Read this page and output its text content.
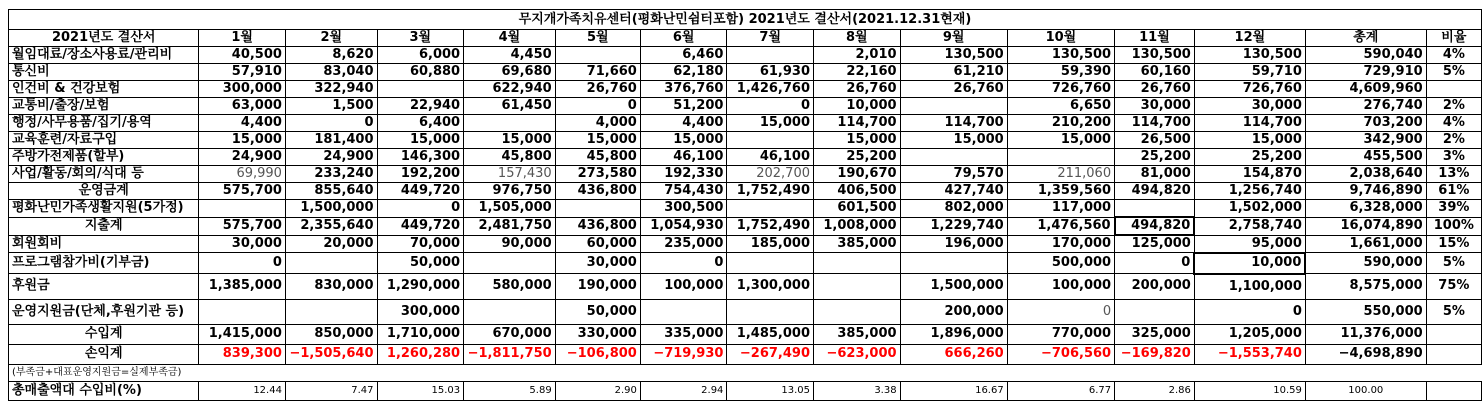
무지개가족치유센터(평화난민쉼터포함) 2021년도 결산서(2021.12.31현재)														
2021년도 결산서	1월	2월	3월	4월	5월	6월	7월	8월	9월	10월	11월	12월	총계	비율
월임대료/장소사용료/관리비	40,500	8,620	6,000	4,450		6,460		2,010	130,500	130,500	130,500	130,500	590,040	4%
통신비	57,910	83,040	60,880	69,680	71,660	62,180	61,930	22,160	61,210	59,390	60,160	59,710	729,910	5%
인건비 & 건강보험	300,000	322,940		622,940	26,760	376,760	1,426,760	26,760	26,760	726,760	26,760	726,760	4,609,960	
교통비/출장/보험	63,000	1,500	22,940	61,450	0	51,200	0	10,000		6,650	30,000	30,000	276,740	2%
행정/사무용품/집기/용역	4,400	0	6,400		4,000	4,400	15,000	114,700	114,700	210,200	114,700	114,700	703,200	4%
교육훈련/자료구입	15,000	181,400	15,000	15,000	15,000	15,000		15,000	15,000	15,000	26,500	15,000	342,900	2%
주방가전제품(할부)	24,900	24,900	146,300	45,800	45,800	46,100	46,100	25,200			25,200	25,200	455,500	3%
사업/활동/회의/식대 등	69,990	233,240	192,200	157,430	273,580	192,330	202,700	190,670	79,570	211,060	81,000	154,870	2,038,640	13%
운영금계	575,700	855,640	449,720	976,750	436,800	754,430	1,752,490	406,500	427,740	1,359,560	494,820	1,256,740	9,746,890	61%
평화난민가족생활지원(5가정)		1,500,000	0	1,505,000		300,500		601,500	802,000	117,000		1,502,000	6,328,000	39%
지출계	575,700	2,355,640	449,720	2,481,750	436,800	1,054,930	1,752,490	1,008,000	1,229,740	1,476,560	494,820	2,758,740	16,074,890	100%
회원회비	30,000	20,000	70,000	90,000	60,000	235,000	185,000	385,000	196,000	170,000	125,000	95,000	1,661,000	15%
프로그램참가비(기부금)	0		50,000		30,000	0				500,000	0	10,000	590,000	5%
후원금	1,385,000	830,000	1,290,000	580,000	190,000	100,000	1,300,000		1,500,000	100,000	200,000	1,100,000	8,575,000	75%
운영지원금(단체,후원기관 등)			300,000		50,000				200,000	0		0	550,000	5%
수입계	1,415,000	850,000	1,710,000	670,000	330,000	335,000	1,485,000	385,000	1,896,000	770,000	325,000	1,205,000	11,376,000	
손익계	839,300	−1,505,640	1,260,280	−1,811,750	−106,800	−719,930	−267,490	−623,000	666,260	−706,560	−169,820	−1,553,740	−4,698,890	
(부족금+대표운영지원금=실제부족금)														
총매출액대 수입비(%)	12.44	7.47	15.03	5.89	2.90	2.94	13.05	3.38	16.67	6.77	2.86	10.59	100.00	
